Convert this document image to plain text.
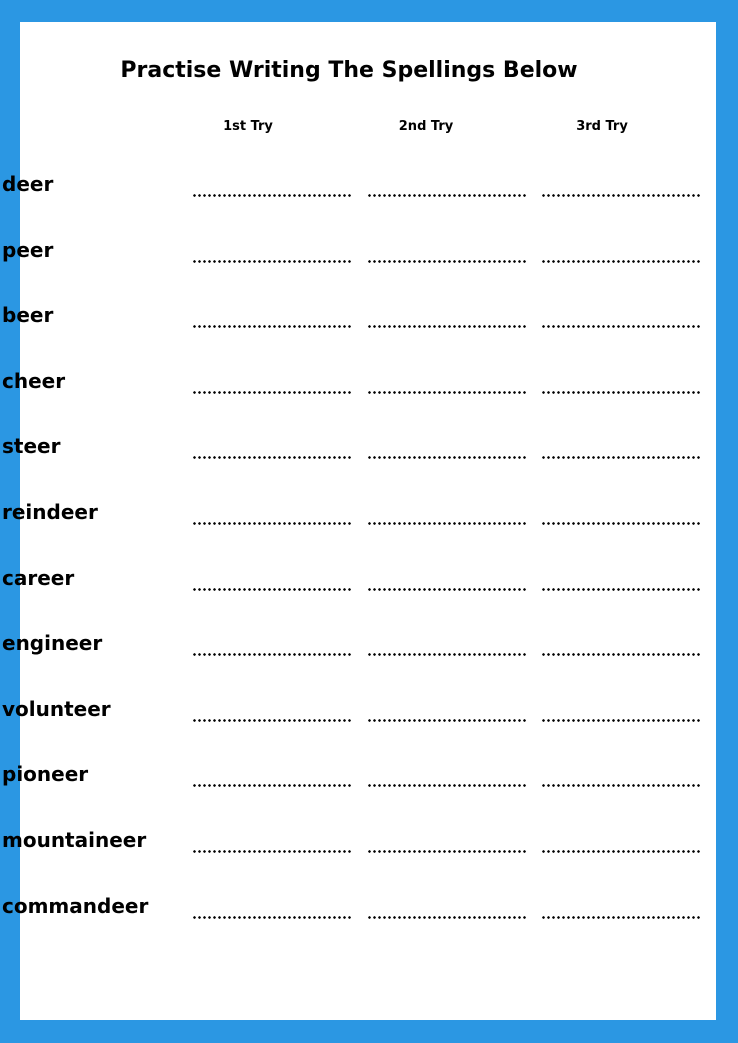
Practise Writing The Spellings Below
1st Try	2nd Try	3rd Try
deer
peer
beer
cheer
steer
reindeer
career
engineer
volunteer
pioneer
mountaineer
commandeer
